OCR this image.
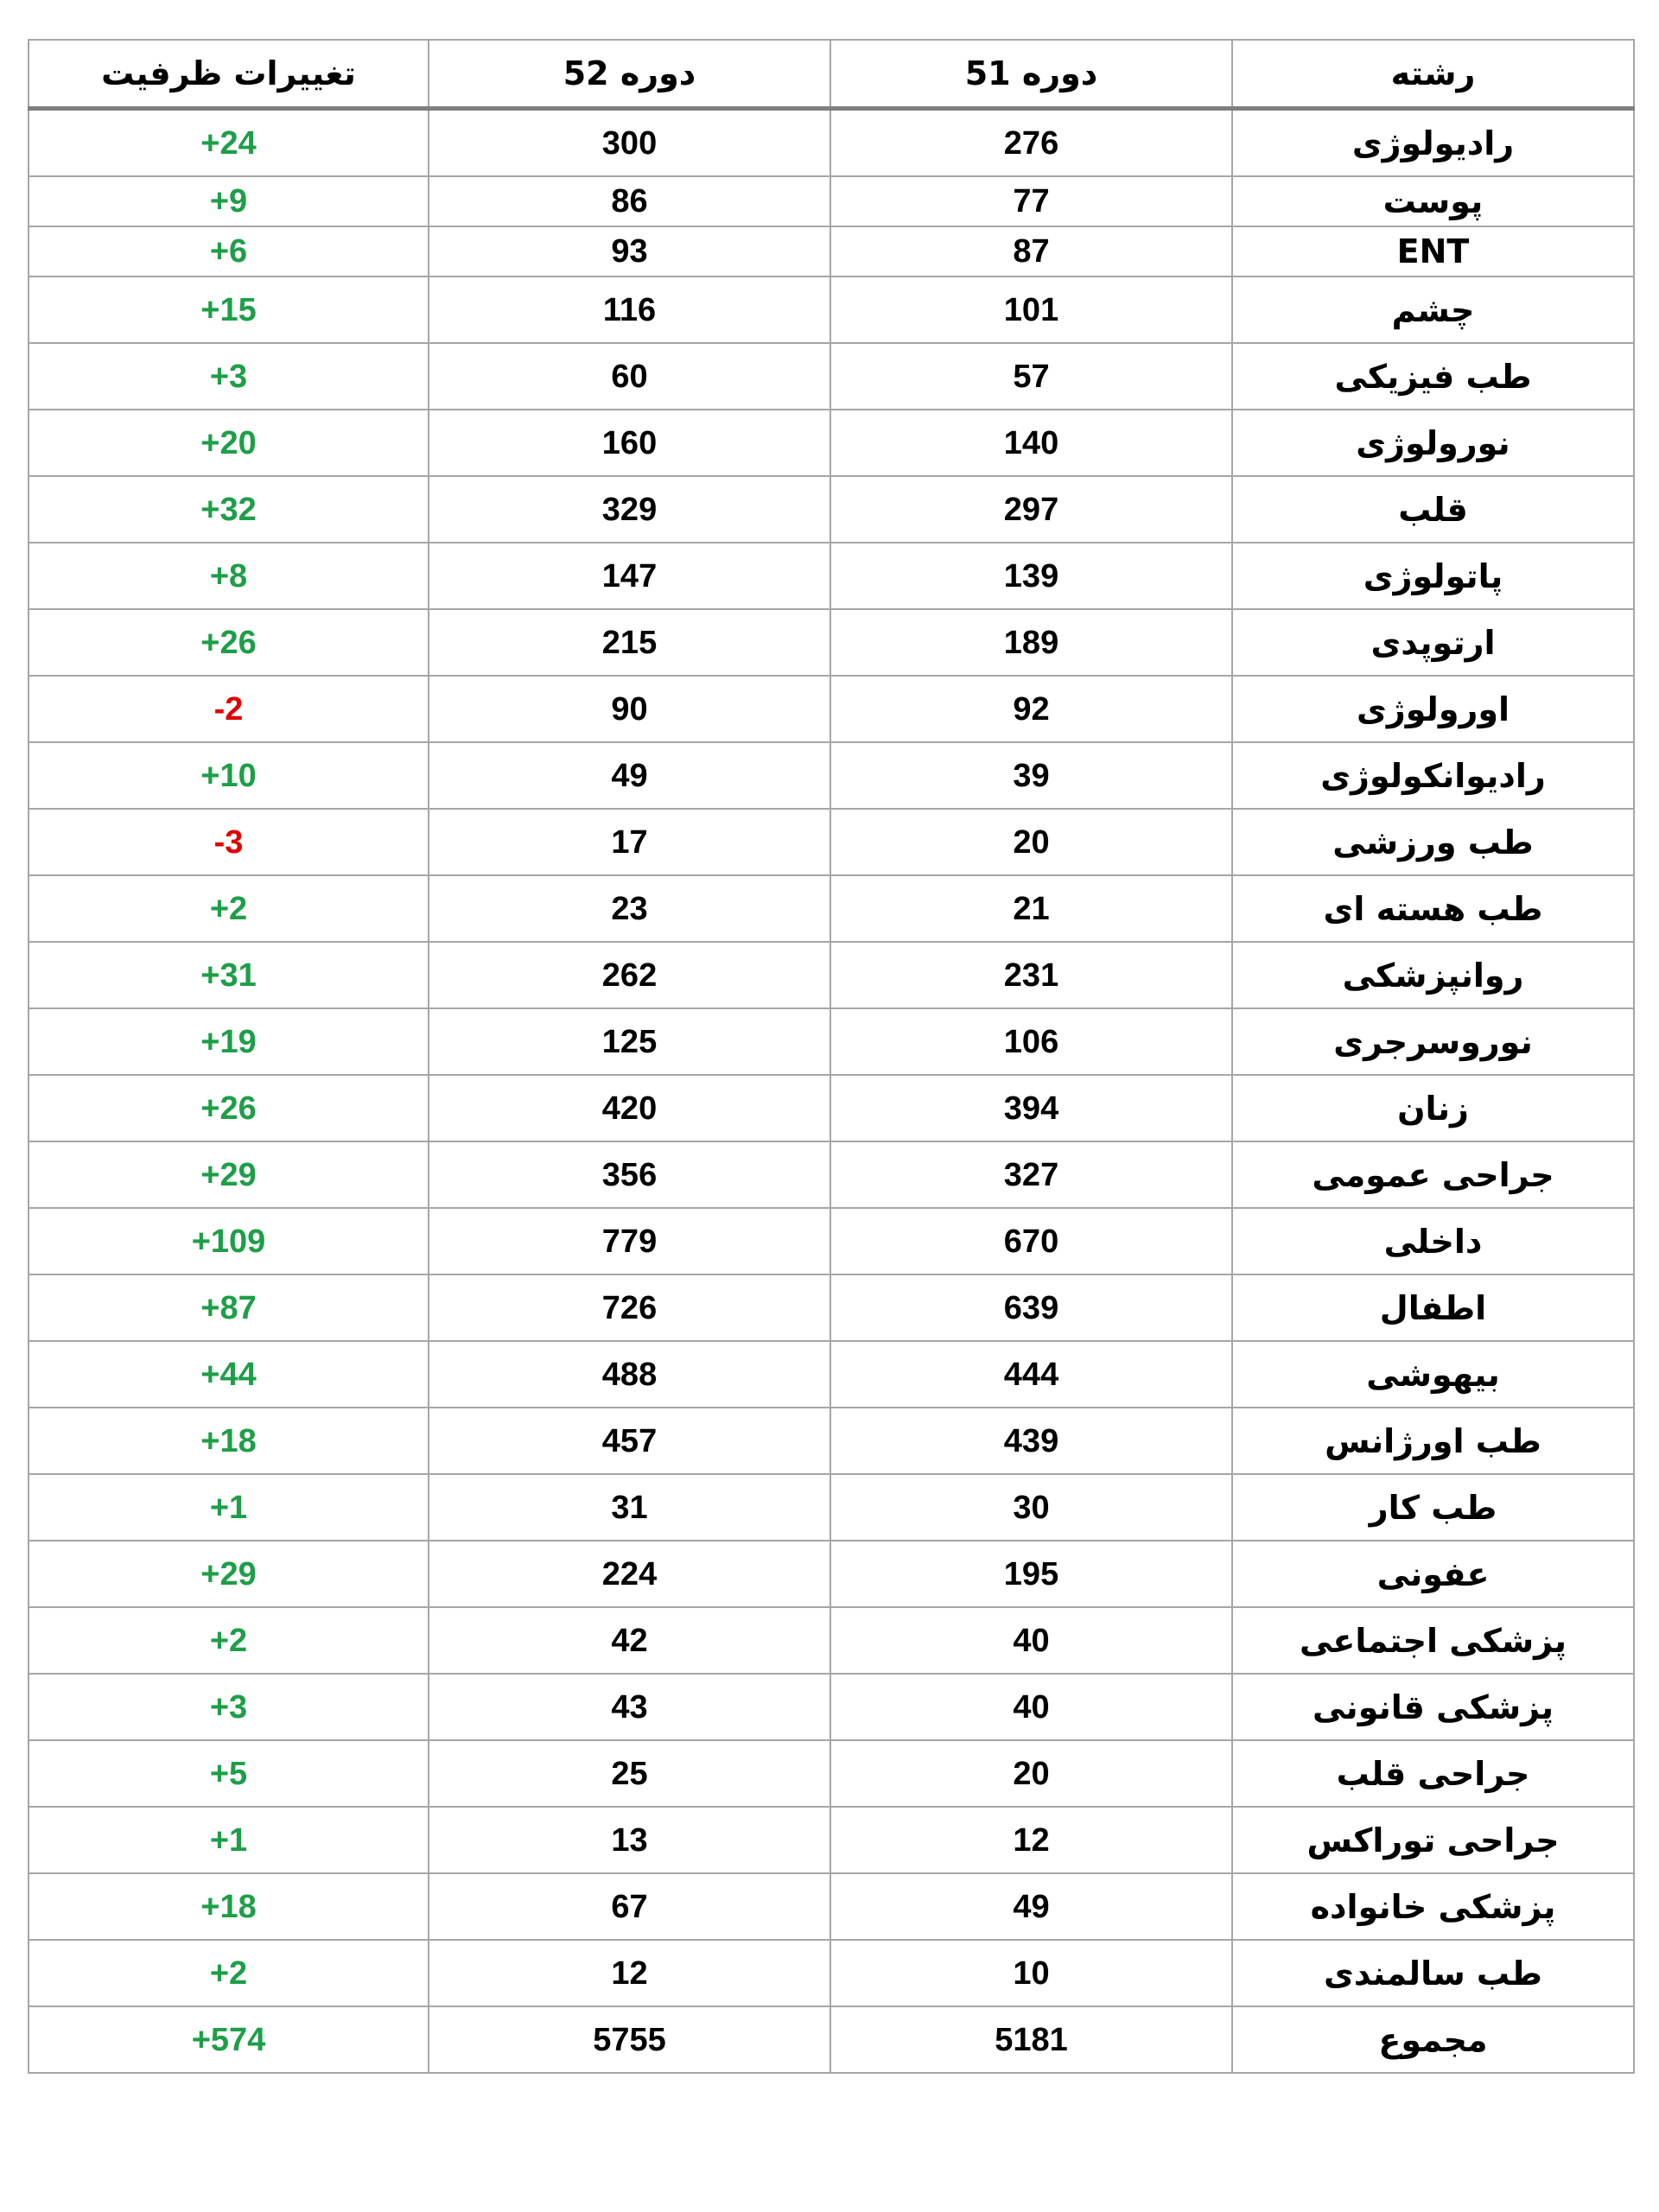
رشته	دوره 51	دوره 52	تغییرات ظرفیت
رادیولوژی	276	300	+24
پوست	77	86	+9
ENT	87	93	+6
چشم	101	116	+15
طب فیزیکی	57	60	+3
نورولوژی	140	160	+20
قلب	297	329	+32
پاتولوژی	139	147	+8
ارتوپدی	189	215	+26
اورولوژی	92	90	-2
رادیوانکولوژی	39	49	+10
طب ورزشی	20	17	-3
طب هسته ای	21	23	+2
روانپزشکی	231	262	+31
نوروسرجری	106	125	+19
زنان	394	420	+26
جراحی عمومی	327	356	+29
داخلی	670	779	+109
اطفال	639	726	+87
بیهوشی	444	488	+44
طب اورژانس	439	457	+18
طب کار	30	31	+1
عفونی	195	224	+29
پزشکی اجتماعی	40	42	+2
پزشکی قانونی	40	43	+3
جراحی قلب	20	25	+5
جراحی توراکس	12	13	+1
پزشکی خانواده	49	67	+18
طب سالمندی	10	12	+2
مجموع	5181	5755	+574
